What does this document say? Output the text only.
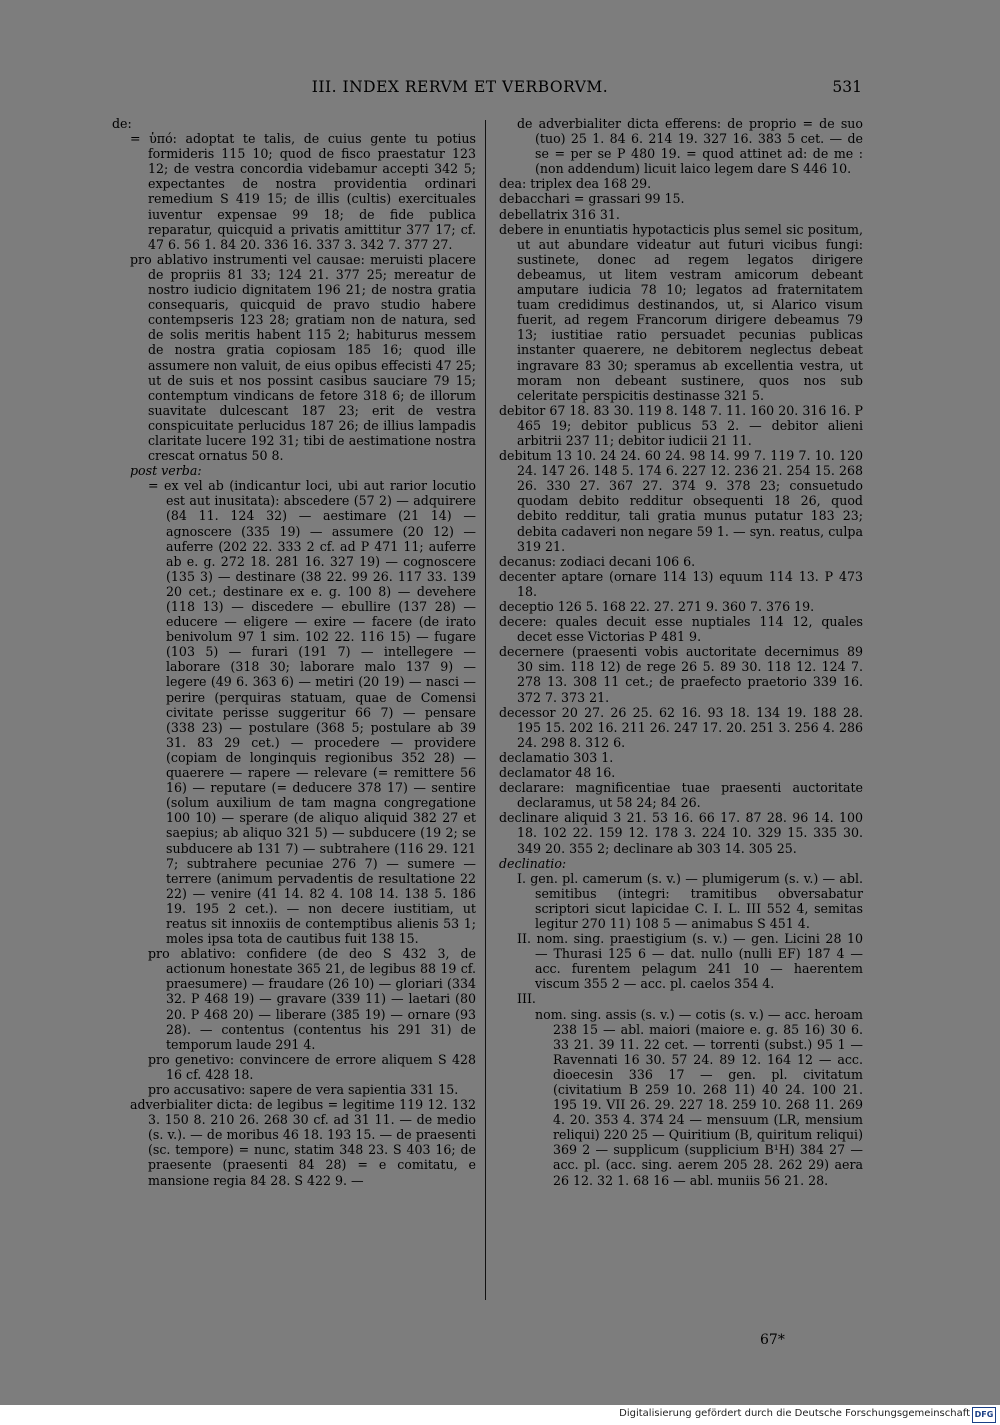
III. INDEX RERVM ET VERBORVM.	531

de:

= ὑπό: adoptat te talis, de cuius gente tu potius formideris 115 10; quod de fisco praestatur 123 12; de vestra concordia videbamur accepti 342 5; expectantes de nostra providentia ordinari remedium S 419 15; de illis (cultis) exercituales iuventur expensae 99 18; de fide publica reparatur, quicquid a privatis amittitur 377 17; cf. 47 6. 56 1. 84 20. 336 16. 337 3. 342 7. 377 27.

pro ablativo instrumenti vel causae: meruisti placere de propriis 81 33; 124 21. 377 25; mereatur de nostro iudicio dignitatem 196 21; de nostra gratia consequaris, quicquid de pravo studio habere contempseris 123 28; gratiam non de natura, sed de solis meritis habent 115 2; habiturus messem de nostra gratia copiosam 185 16; quod ille assumere non valuit, de eius opibus effecisti 47 25; ut de suis et nos possint casibus sauciare 79 15; contemptum vindicans de fetore 318 6; de illorum suavitate dulcescant 187 23; erit de vestra conspicuitate perlucidus 187 26; de illius lampadis claritate lucere 192 31; tibi de aestimatione nostra crescat ornatus 50 8.

post verba:

= ex vel ab (indicantur loci, ubi aut rarior locutio est aut inusitata): abscedere (57 2) — adquirere (84 11. 124 32) — aestimare (21 14) — agnoscere (335 19) — assumere (20 12) — auferre (202 22. 333 2 cf. ad P 471 11; auferre ab e. g. 272 18. 281 16. 327 19) — cognoscere (135 3) — destinare (38 22. 99 26. 117 33. 139 20 cet.; destinare ex e. g. 100 8) — devehere (118 13) — discedere — ebullire (137 28) — educere — eligere — exire — facere (de irato benivolum 97 1 sim. 102 22. 116 15) — fugare (103 5) — furari (191 7) — intellegere — laborare (318 30; laborare malo 137 9) — legere (49 6. 363 6) — metiri (20 19) — nasci — perire (perquiras statuam, quae de Comensi civitate perisse suggeritur 66 7) — pensare (338 23) — postulare (368 5; postulare ab 39 31. 83 29 cet.) — procedere — providere (copiam de longinquis regionibus 352 28) — quaerere — rapere — relevare (= remittere 56 16) — reputare (= deducere 378 17) — sentire (solum auxilium de tam magna congregatione 100 10) — sperare (de aliquo aliquid 382 27 et saepius; ab aliquo 321 5) — subducere (19 2; se subducere ab 131 7) — subtrahere (116 29. 121 7; subtrahere pecuniae 276 7) — sumere — terrere (animum pervadentis de resultatione 22 22) — venire (41 14. 82 4. 108 14. 138 5. 186 19. 195 2 cet.). — non decere iustitiam, ut reatus sit innoxiis de contemptibus alienis 53 1; moles ipsa tota de cautibus fuit 138 15.

pro ablativo: confidere (de deo S 432 3, de actionum honestate 365 21, de legibus 88 19 cf. praesumere) — fraudare (26 10) — gloriari (334 32. P 468 19) — gravare (339 11) — laetari (80 20. P 468 20) — liberare (385 19) — ornare (93 28). — contentus (contentus his 291 31) de temporum laude 291 4.

pro genetivo: convincere de errore aliquem S 428 16 cf. 428 18.

pro accusativo: sapere de vera sapientia 331 15.

adverbialiter dicta: de legibus = legitime 119 12. 132 3. 150 8. 210 26. 268 30 cf. ad 31 11. — de medio (s. v.). — de moribus 46 18. 193 15. — de praesenti (sc. tempore) = nunc, statim 348 23. S 403 16; de praesente (praesenti 84 28) = e comitatu, e mansione regia 84 28. S 422 9. —

de adverbialiter dicta efferens: de proprio = de suo (tuo) 25 1. 84 6. 214 19. 327 16. 383 5 cet. — de se = per se P 480 19. = quod attinet ad: de me : (non addendum) licuit laico legem dare S 446 10.

dea: triplex dea 168 29.

debacchari = grassari 99 15.

debellatrix 316 31.

debere in enuntiatis hypotacticis plus semel sic positum, ut aut abundare videatur aut futuri vicibus fungi: sustinete, donec ad regem legatos dirigere debeamus, ut litem vestram amicorum debeant amputare iudicia 78 10; legatos ad fraternitatem tuam credidimus destinandos, ut, si Alarico visum fuerit, ad regem Francorum dirigere debeamus 79 13; iustitiae ratio persuadet pecunias publicas instanter quaerere, ne debitorem neglectus debeat ingravare 83 30; speramus ab excellentia vestra, ut moram non debeant sustinere, quos nos sub celeritate perspicitis destinasse 321 5.

debitor 67 18. 83 30. 119 8. 148 7. 11. 160 20. 316 16. P 465 19; debitor publicus 53 2. — debitor alieni arbitrii 237 11; debitor iudicii 21 11.

debitum 13 10. 24 24. 60 24. 98 14. 99 7. 119 7. 10. 120 24. 147 26. 148 5. 174 6. 227 12. 236 21. 254 15. 268 26. 330 27. 367 27. 374 9. 378 23; consuetudo quodam debito redditur obsequenti 18 26, quod debito redditur, tali gratia munus putatur 183 23; debita cadaveri non negare 59 1. — syn. reatus, culpa 319 21.

decanus: zodiaci decani 106 6.

decenter aptare (ornare 114 13) equum 114 13. P 473 18.

deceptio 126 5. 168 22. 27. 271 9. 360 7. 376 19.

decere: quales decuit esse nuptiales 114 12, quales decet esse Victorias P 481 9.

decernere (praesenti vobis auctoritate decernimus 89 30 sim. 118 12) de rege 26 5. 89 30. 118 12. 124 7. 278 13. 308 11 cet.; de praefecto praetorio 339 16. 372 7. 373 21.

decessor 20 27. 26 25. 62 16. 93 18. 134 19. 188 28. 195 15. 202 16. 211 26. 247 17. 20. 251 3. 256 4. 286 24. 298 8. 312 6.

declamatio 303 1.

declamator 48 16.

declarare: magnificentiae tuae praesenti auctoritate declaramus, ut 58 24; 84 26.

declinare aliquid 3 21. 53 16. 66 17. 87 28. 96 14. 100 18. 102 22. 159 12. 178 3. 224 10. 329 15. 335 30. 349 20. 355 2; declinare ab 303 14. 305 25.

declinatio:

I. gen. pl. camerum (s. v.) — plumigerum (s. v.) — abl. semitibus (integri: tramitibus obversabatur scriptori sicut lapicidae C. I. L. III 552 4, semitas legitur 270 11) 108 5 — animabus S 451 4.

II. nom. sing. praestigium (s. v.) — gen. Licini 28 10 — Thurasi 125 6 — dat. nullo (nulli EF) 187 4 — acc. furentem pelagum 241 10 — haerentem viscum 355 2 — acc. pl. caelos 354 4.

III.

nom. sing. assis (s. v.) — cotis (s. v.) — acc. heroam 238 15 — abl. maiori (maiore e. g. 85 16) 30 6. 33 21. 39 11. 22 cet. — torrenti (subst.) 95 1 — Ravennati 16 30. 57 24. 89 12. 164 12 — acc. dioecesin 336 17 — gen. pl. civitatum (civitatium B 259 10. 268 11) 40 24. 100 21. 195 19. VII 26. 29. 227 18. 259 10. 268 11. 269 4. 20. 353 4. 374 24 — mensuum (LR, mensium reliqui) 220 25 — Quiritium (B, quiritum reliqui) 369 2 — supplicum (supplicium B¹H) 384 27 — acc. pl. (acc. sing. aerem 205 28. 262 29) aera 26 12. 32 1. 68 16 — abl. muniis 56 21. 28.

67*
Digitalisierung gefördert durch die Deutsche Forschungsgemeinschaft DFG
